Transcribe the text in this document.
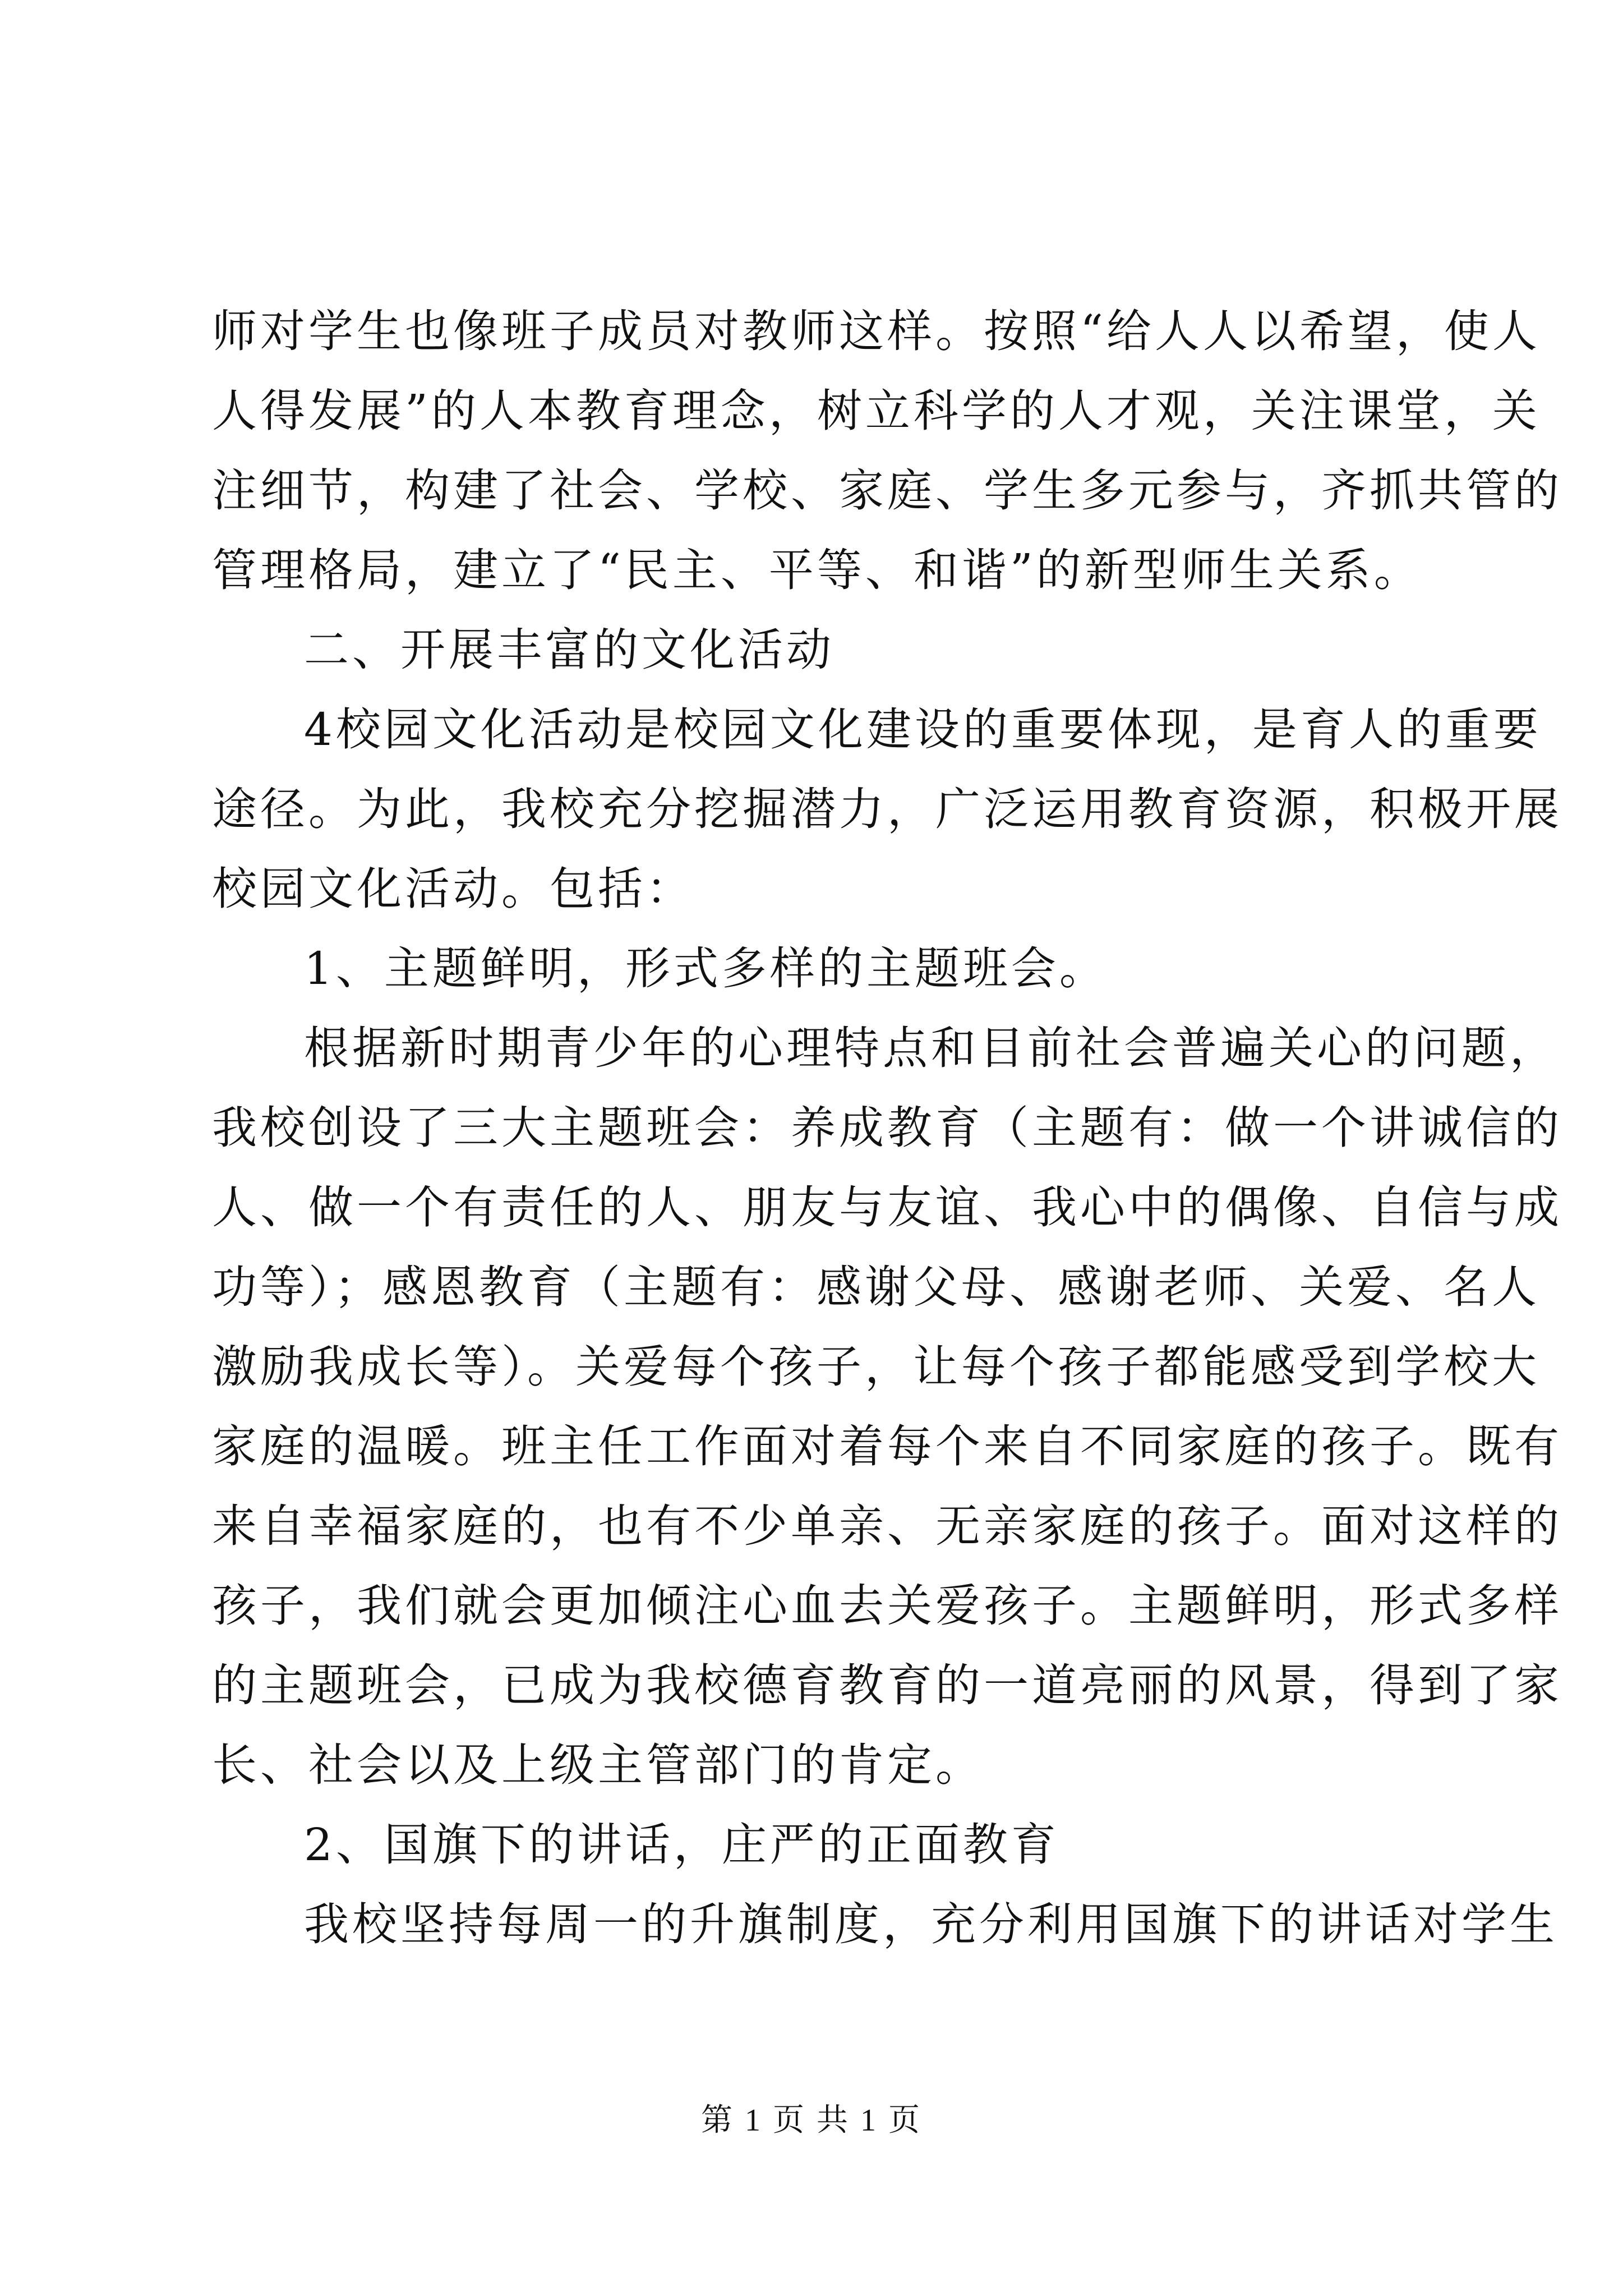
师对学生也像班子成员对教师这样。按照“给人人以希望，使人
人得发展”的人本教育理念，树立科学的人才观，关注课堂，关
注细节，构建了社会、学校、家庭、学生多元参与，齐抓共管的
管理格局，建立了“民主、平等、和谐”的新型师生关系。
二、开展丰富的文化活动
4校园文化活动是校园文化建设的重要体现，是育人的重要
途径。为此，我校充分挖掘潜力，广泛运用教育资源，积极开展
校园文化活动。包括：
1、主题鲜明，形式多样的主题班会。
根据新时期青少年的心理特点和目前社会普遍关心的问题，
我校创设了三大主题班会：养成教育（主题有：做一个讲诚信的
人、做一个有责任的人、朋友与友谊、我心中的偶像、自信与成
功等）；感恩教育（主题有：感谢父母、感谢老师、关爱、名人
激励我成长等）。关爱每个孩子，让每个孩子都能感受到学校大
家庭的温暖。班主任工作面对着每个来自不同家庭的孩子。既有
来自幸福家庭的，也有不少单亲、无亲家庭的孩子。面对这样的
孩子，我们就会更加倾注心血去关爱孩子。主题鲜明，形式多样
的主题班会，已成为我校德育教育的一道亮丽的风景，得到了家
长、社会以及上级主管部门的肯定。
2、国旗下的讲话，庄严的正面教育
我校坚持每周一的升旗制度，充分利用国旗下的讲话对学生
第 1 页 共 1 页
